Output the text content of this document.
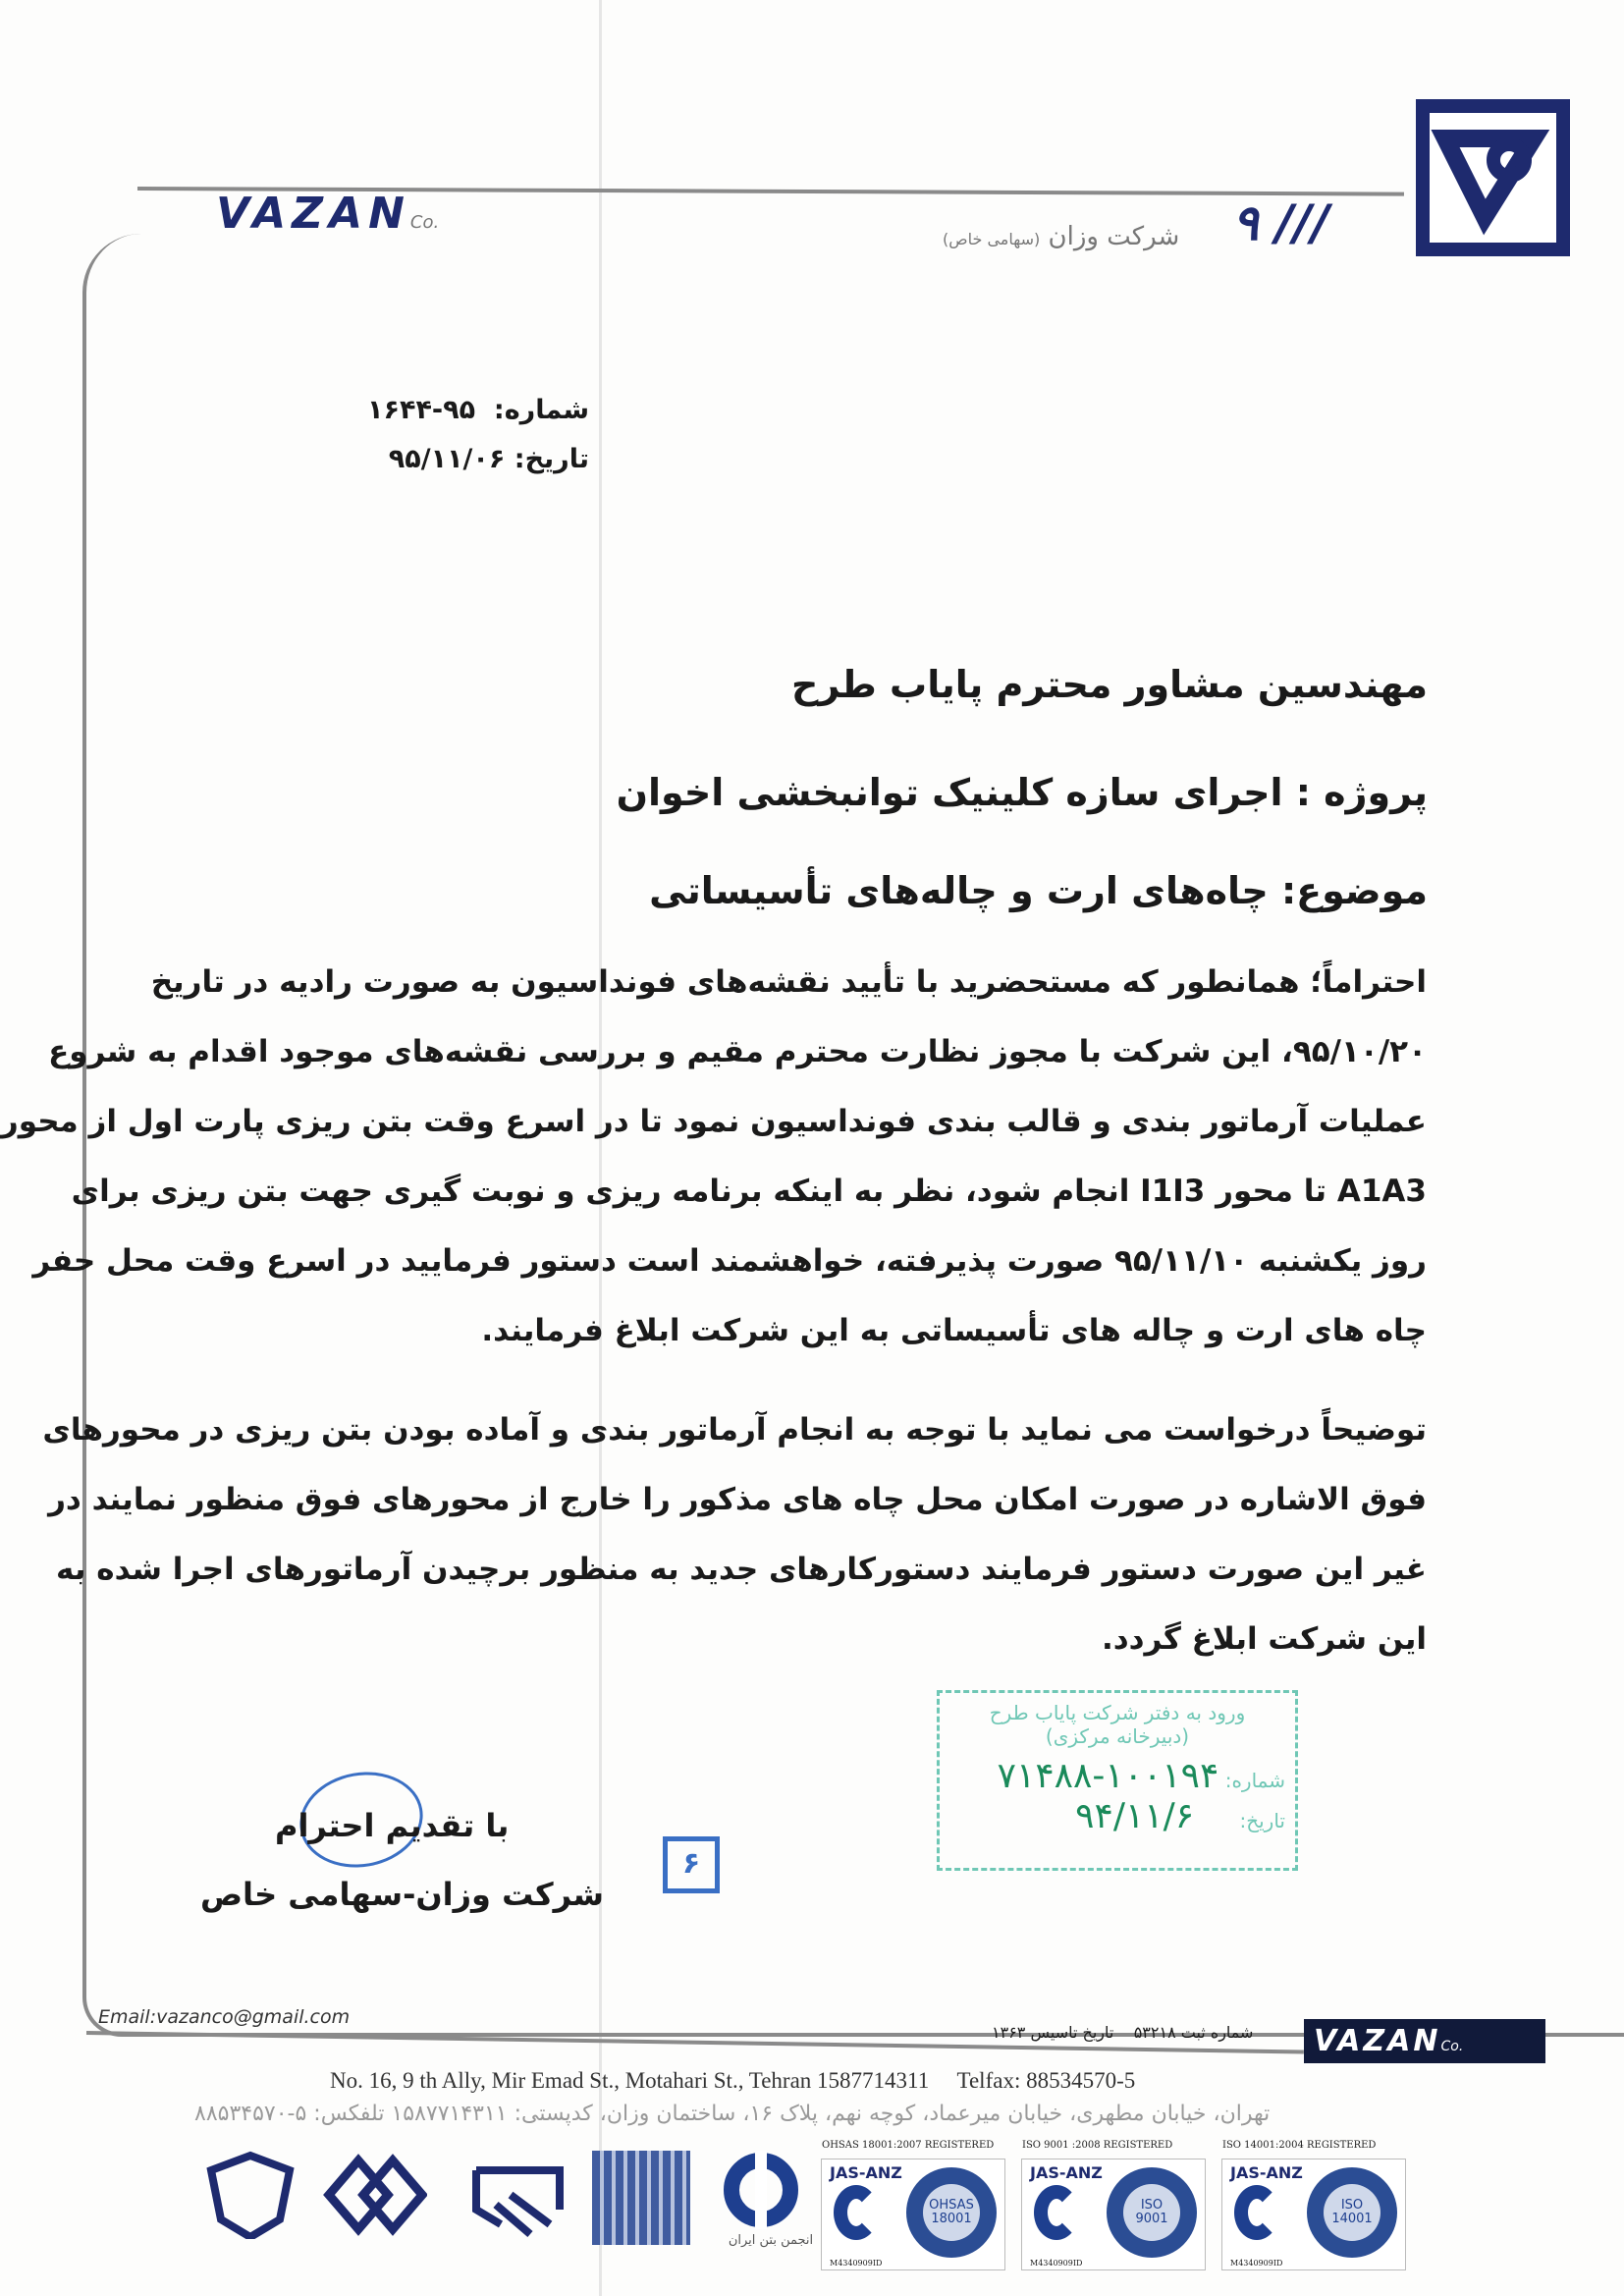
VAZANCo.	۹ ///
شرکت وزان (سهامی خاص)
شماره:  ۹۵-۱۶۴۴
تاریخ: ۹۵/۱۱/۰۶
مهندسین مشاور محترم پایاب طرح
پروژه : اجرای سازه کلینیک توانبخشی اخوان
موضوع: چاه‌های ارت و چاله‌های تأسیساتی
احتراماً؛ همانطور که مستحضرید با تأیید نقشه‌های فونداسیون به صورت رادیه در تاریخ
۹۵/۱۰/۲۰، این شرکت با مجوز نظارت محترم مقیم و بررسی نقشه‌های موجود اقدام به شروع
عملیات آرماتور بندی و قالب بندی فونداسیون نمود تا در اسرع وقت بتن ریزی پارت اول از محور
A1A3 تا محور I1I3 انجام شود، نظر به اینکه برنامه ریزی و نوبت گیری جهت بتن ریزی برای
روز یکشنبه ۹۵/۱۱/۱۰ صورت پذیرفته، خواهشمند است دستور فرمایید در اسرع وقت محل حفر
چاه های ارت و چاله های تأسیساتی به این شرکت ابلاغ فرمایند.
توضیحاً درخواست می نماید با توجه به انجام آرماتور بندی و آماده بودن بتن ریزی در محورهای
فوق الاشاره در صورت امکان محل چاه های مذکور را خارج از محورهای فوق منظور نمایند در
غیر این صورت دستور فرمایند دستورکارهای جدید به منظور برچیدن آرماتورهای اجرا شده به
این شرکت ابلاغ گردد.
ورود به دفتر شرکت پایاب طرح
(دبیرخانه مرکزی)
شماره: ۱۰۰۱۹۴-۷۱۴۸۸
تاریخ: ۹۴/۱۱/۶
با تقدیم احترام
شرکت وزان-سهامی خاص
۶
Email:vazanco@gmail.com
شماره ثبت ۵۳۲۱۸    تاریخ تاسیس ۱۳۶۳	VAZANCo.
No. 16, 9 th Ally, Mir Emad St., Motahari St., Tehran 1587714311     Telfax: 88534570-5
تهران، خیابان مطهری، خیابان میرعماد، کوچه نهم، پلاک ۱۶، ساختمان وزان، کدپستی: ۱۵۸۷۷۱۴۳۱۱ تلفکس: ۵-۸۸۵۳۴۵۷۰
انجمن بتن ایران
OHSAS 18001:2007 REGISTERED
JAS-ANZ
OHSAS 18001
M4340909ID
ISO 9001 :2008 REGISTERED
JAS-ANZ
ISO 9001
M4340909ID
ISO 14001:2004 REGISTERED
JAS-ANZ
ISO 14001
M4340909ID
